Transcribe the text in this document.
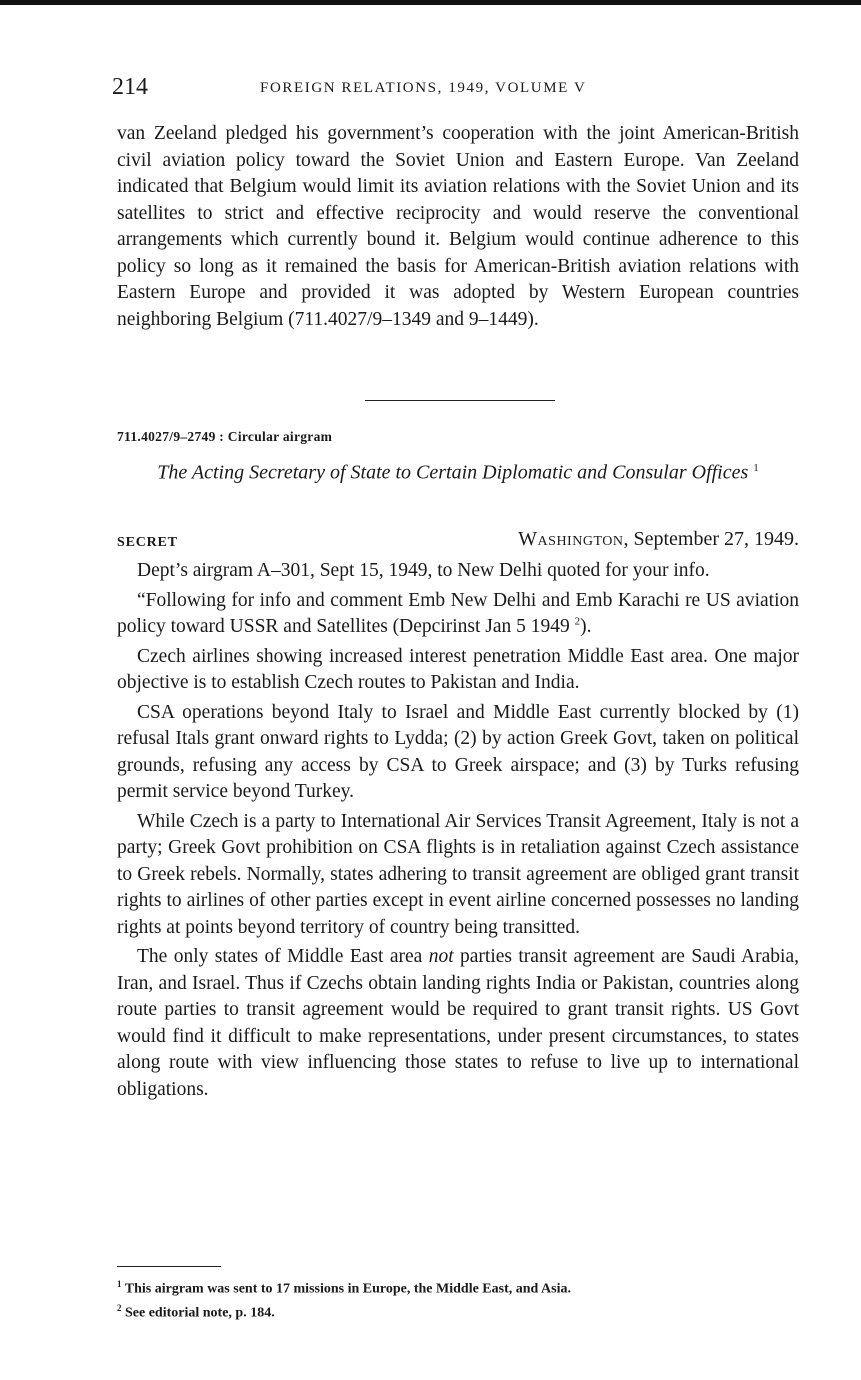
214	FOREIGN RELATIONS, 1949, VOLUME V
van Zeeland pledged his government’s cooperation with the joint American-British civil aviation policy toward the Soviet Union and Eastern Europe. Van Zeeland indicated that Belgium would limit its aviation relations with the Soviet Union and its satellites to strict and effective reciprocity and would reserve the conventional arrangements which currently bound it. Belgium would continue adherence to this policy so long as it remained the basis for American-British aviation relations with Eastern Europe and provided it was adopted by Western European countries neighboring Belgium (711.4027/9–1349 and 9–1449).
711.4027/9–2749 : Circular airgram
The Acting Secretary of State to Certain Diplomatic and Consular Offices $^1$
SECRET	Washington, September 27, 1949.

Dept’s airgram A–301, Sept 15, 1949, to New Delhi quoted for your info.

“Following for info and comment Emb New Delhi and Emb Karachi re US aviation policy toward USSR and Satellites (Depcirinst Jan 5 1949 $^2$).

Czech airlines showing increased interest penetration Middle East area. One major objective is to establish Czech routes to Pakistan and India.

CSA operations beyond Italy to Israel and Middle East currently blocked by (1) refusal Itals grant onward rights to Lydda; (2) by action Greek Govt, taken on political grounds, refusing any access by CSA to Greek airspace; and (3) by Turks refusing permit service beyond Turkey.

While Czech is a party to International Air Services Transit Agreement, Italy is not a party; Greek Govt prohibition on CSA flights is in retaliation against Czech assistance to Greek rebels. Normally, states adhering to transit agreement are obliged grant transit rights to airlines of other parties except in event airline concerned possesses no landing rights at points beyond territory of country being transitted.

The only states of Middle East area not parties transit agreement are Saudi Arabia, Iran, and Israel. Thus if Czechs obtain landing rights India or Pakistan, countries along route parties to transit agreement would be required to grant transit rights. US Govt would find it difficult to make representations, under present circumstances, to states along route with view influencing those states to refuse to live up to international obligations.

$^1$ This airgram was sent to 17 missions in Europe, the Middle East, and Asia.
$^2$ See editorial note, p. 184.
